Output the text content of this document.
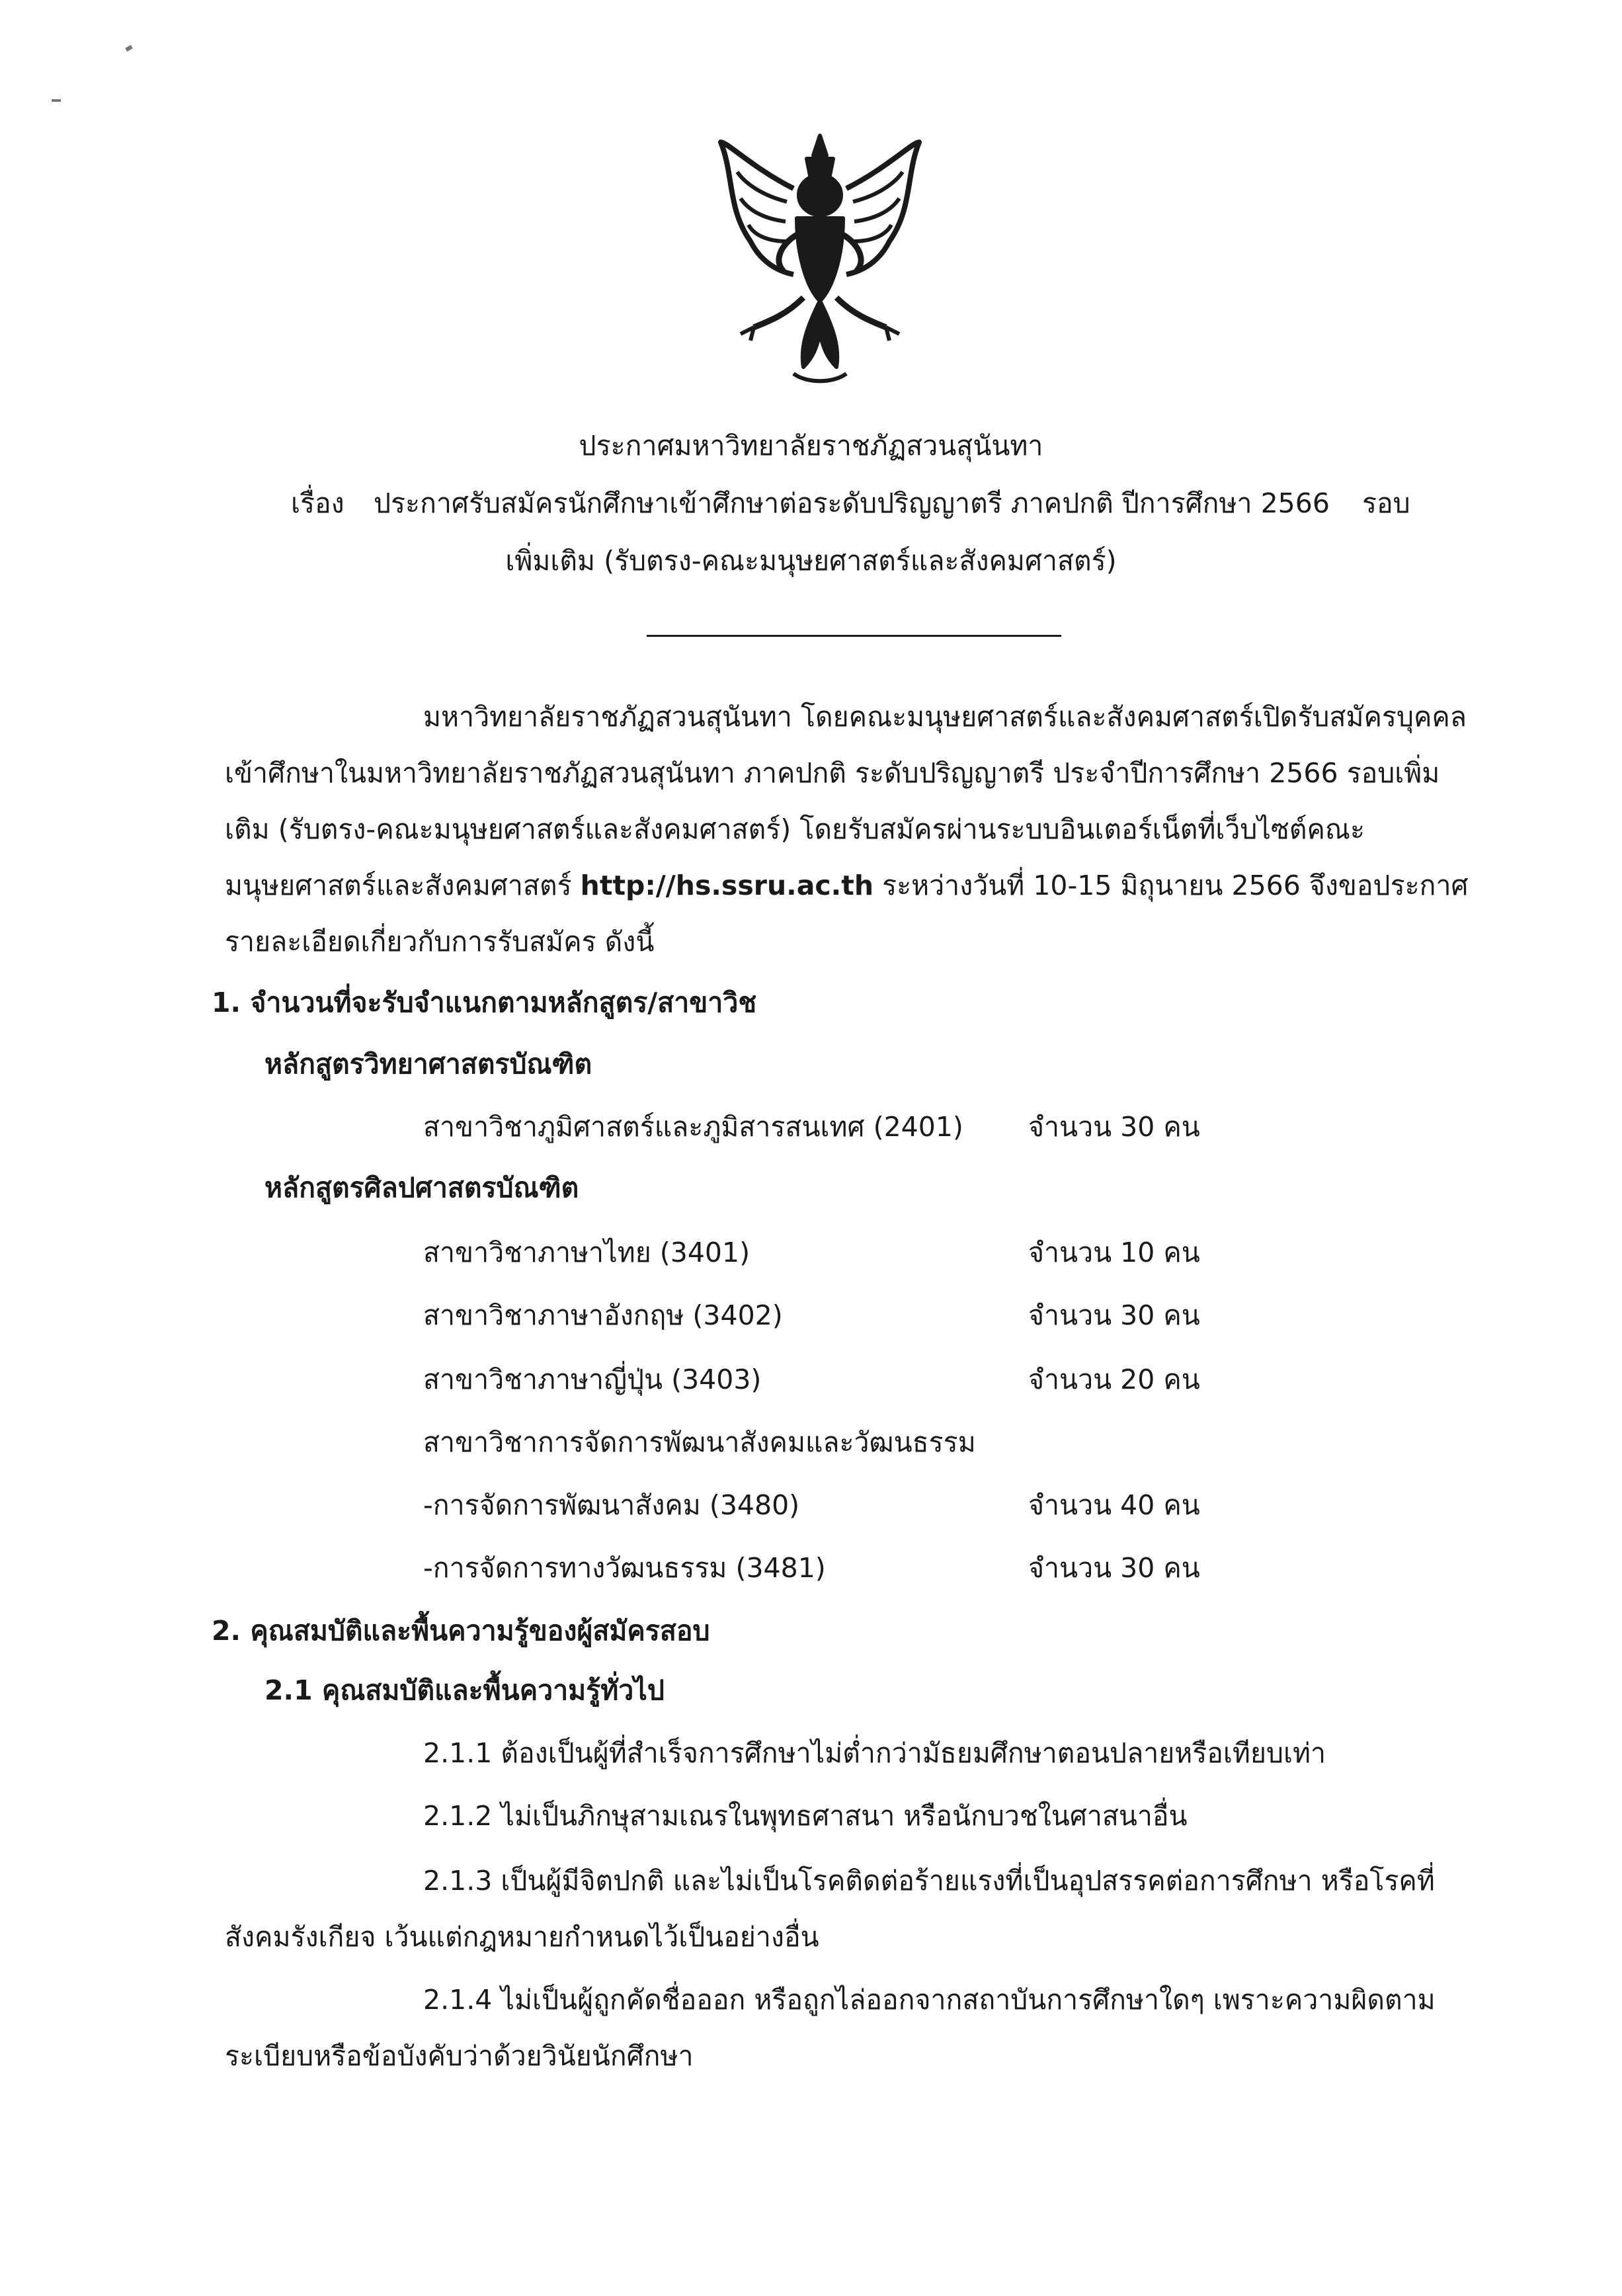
ประกาศมหาวิทยาลัยราชภัฏสวนสุนันทา
เรื่อง ประกาศรับสมัครนักศึกษาเข้าศึกษาต่อระดับปริญญาตรี ภาคปกติ ปีการศึกษา 2566 รอบ
เพิ่มเติม (รับตรง-คณะมนุษยศาสตร์และสังคมศาสตร์)
มหาวิทยาลัยราชภัฏสวนสุนันทา โดยคณะมนุษยศาสตร์และสังคมศาสตร์เปิดรับสมัครบุคคล
เข้าศึกษาในมหาวิทยาลัยราชภัฏสวนสุนันทา ภาคปกติ ระดับปริญญาตรี ประจำปีการศึกษา 2566 รอบเพิ่ม
เติม (รับตรง-คณะมนุษยศาสตร์และสังคมศาสตร์) โดยรับสมัครผ่านระบบอินเตอร์เน็ตที่เว็บไซต์คณะ
มนุษยศาสตร์และสังคมศาสตร์ http://hs.ssru.ac.th ระหว่างวันที่ 10-15 มิถุนายน 2566 จึงขอประกาศ
รายละเอียดเกี่ยวกับการรับสมัคร ดังนี้
1. จำนวนที่จะรับจำแนกตามหลักสูตร/สาขาวิช
หลักสูตรวิทยาศาสตรบัณฑิต
สาขาวิชาภูมิศาสตร์และภูมิสารสนเทศ (2401) จำนวน 30 คน
หลักสูตรศิลปศาสตรบัณฑิต
สาขาวิชาภาษาไทย (3401)	จำนวน 10 คน
สาขาวิชาภาษาอังกฤษ (3402)	จำนวน 30 คน
สาขาวิชาภาษาญี่ปุ่น (3403)	จำนวน 20 คน
สาขาวิชาการจัดการพัฒนาสังคมและวัฒนธรรม
-การจัดการพัฒนาสังคม (3480)	จำนวน 40 คน
-การจัดการทางวัฒนธรรม (3481)	จำนวน 30 คน
2. คุณสมบัติและพื้นความรู้ของผู้สมัครสอบ
2.1 คุณสมบัติและพื้นความรู้ทั่วไป
2.1.1 ต้องเป็นผู้ที่สำเร็จการศึกษาไม่ต่ำกว่ามัธยมศึกษาตอนปลายหรือเทียบเท่า
2.1.2 ไม่เป็นภิกษุสามเณรในพุทธศาสนา หรือนักบวชในศาสนาอื่น
2.1.3 เป็นผู้มีจิตปกติ และไม่เป็นโรคติดต่อร้ายแรงที่เป็นอุปสรรคต่อการศึกษา หรือโรคที่
สังคมรังเกียจ เว้นแต่กฎหมายกำหนดไว้เป็นอย่างอื่น
2.1.4 ไม่เป็นผู้ถูกคัดชื่อออก หรือถูกไล่ออกจากสถาบันการศึกษาใดๆ เพราะความผิดตาม
ระเบียบหรือข้อบังคับว่าด้วยวินัยนักศึกษา
